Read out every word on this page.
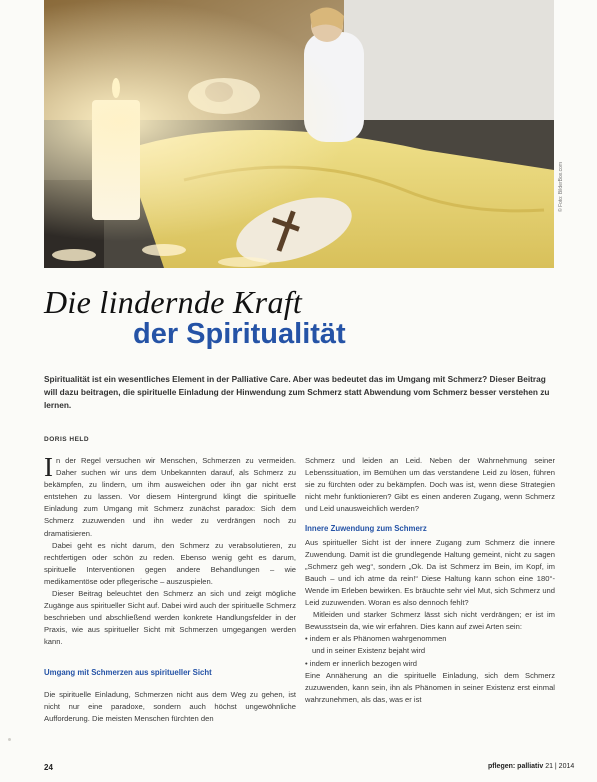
© Foto: BilderBox.com
Die lindernde Kraft
der Spiritualität
Spiritualität ist ein wesentliches Element in der Palliative Care. Aber was bedeutet das im Umgang mit Schmerz? Dieser Beitrag will dazu beitragen, die spirituelle Einladung der Hinwendung zum Schmerz statt Abwendung vom Schmerz besser verstehen zu lernen.
DORIS HELD

In der Regel versuchen wir Menschen, Schmerzen zu vermeiden. Daher suchen wir uns dem Unbekannten darauf, als Schmerz zu bekämpfen, zu lindern, um ihm ausweichen oder ihn gar nicht erst entstehen zu lassen. Vor diesem Hintergrund klingt die spirituelle Einladung zum Umgang mit Schmerz zunächst paradox: Sich dem Schmerz zuzuwenden und ihn weder zu verdrängen noch zu dramatisieren.

Dabei geht es nicht darum, den Schmerz zu verabsolutieren, zu rechtfertigen oder schön zu reden. Ebenso wenig geht es darum, spirituelle Interventionen gegen andere Behandlungen – wie medikamentöse oder pflegerische – auszuspielen.

Dieser Beitrag beleuchtet den Schmerz an sich und zeigt mögliche Zugänge aus spiritueller Sicht auf. Dabei wird auch der spirituelle Schmerz beschrieben und abschließend werden konkrete Handlungsfelder in der Praxis, wie aus spiritueller Sicht mit Schmerzen umgegangen werden kann.

Umgang mit Schmerzen aus spiritueller Sicht

Die spirituelle Einladung, Schmerzen nicht aus dem Weg zu gehen, ist nicht nur eine paradoxe, sondern auch höchst ungewöhnliche Aufforderung. Die meisten Menschen fürchten den

Schmerz und leiden an Leid. Neben der Wahrnehmung seiner Lebenssituation, im Bemühen um das verstandene Leid zu lösen, führen sie zu fürchten oder zu bekämpfen. Doch was ist, wenn diese Strategien nicht mehr funktionieren? Gibt es einen anderen Zugang, wenn Schmerz und Leid unausweichlich werden?

Innere Zuwendung zum Schmerz

Aus spiritueller Sicht ist der innere Zugang zum Schmerz die innere Zuwendung. Damit ist die grundlegende Haltung gemeint, nicht zu sagen „Schmerz geh weg“, sondern „Ok. Da ist Schmerz im Bein, im Kopf, im Bauch – und ich atme da rein!“ Diese Haltung kann schon eine 180°-Wende im Erleben bewirken. Es bräuchte sehr viel Mut, sich Schmerz und Leid zuzuwenden. Woran es also dennoch fehlt?

Mitleiden und starker Schmerz lässt sich nicht verdrängen; er ist im Bewusstsein da, wie wir erfahren. Dies kann auf zwei Arten sein:

• indem er als Phänomen wahrgenommen

und in seiner Existenz bejaht wird

• indem er innerlich bezogen wird

Eine Annäherung an die spirituelle Einladung, sich dem Schmerz zuzuwenden, kann sein, ihn als Phänomen in seiner Existenz erst einmal wahrzunehmen, als das, was er ist

24	pflegen: palliativ 21 | 2014
